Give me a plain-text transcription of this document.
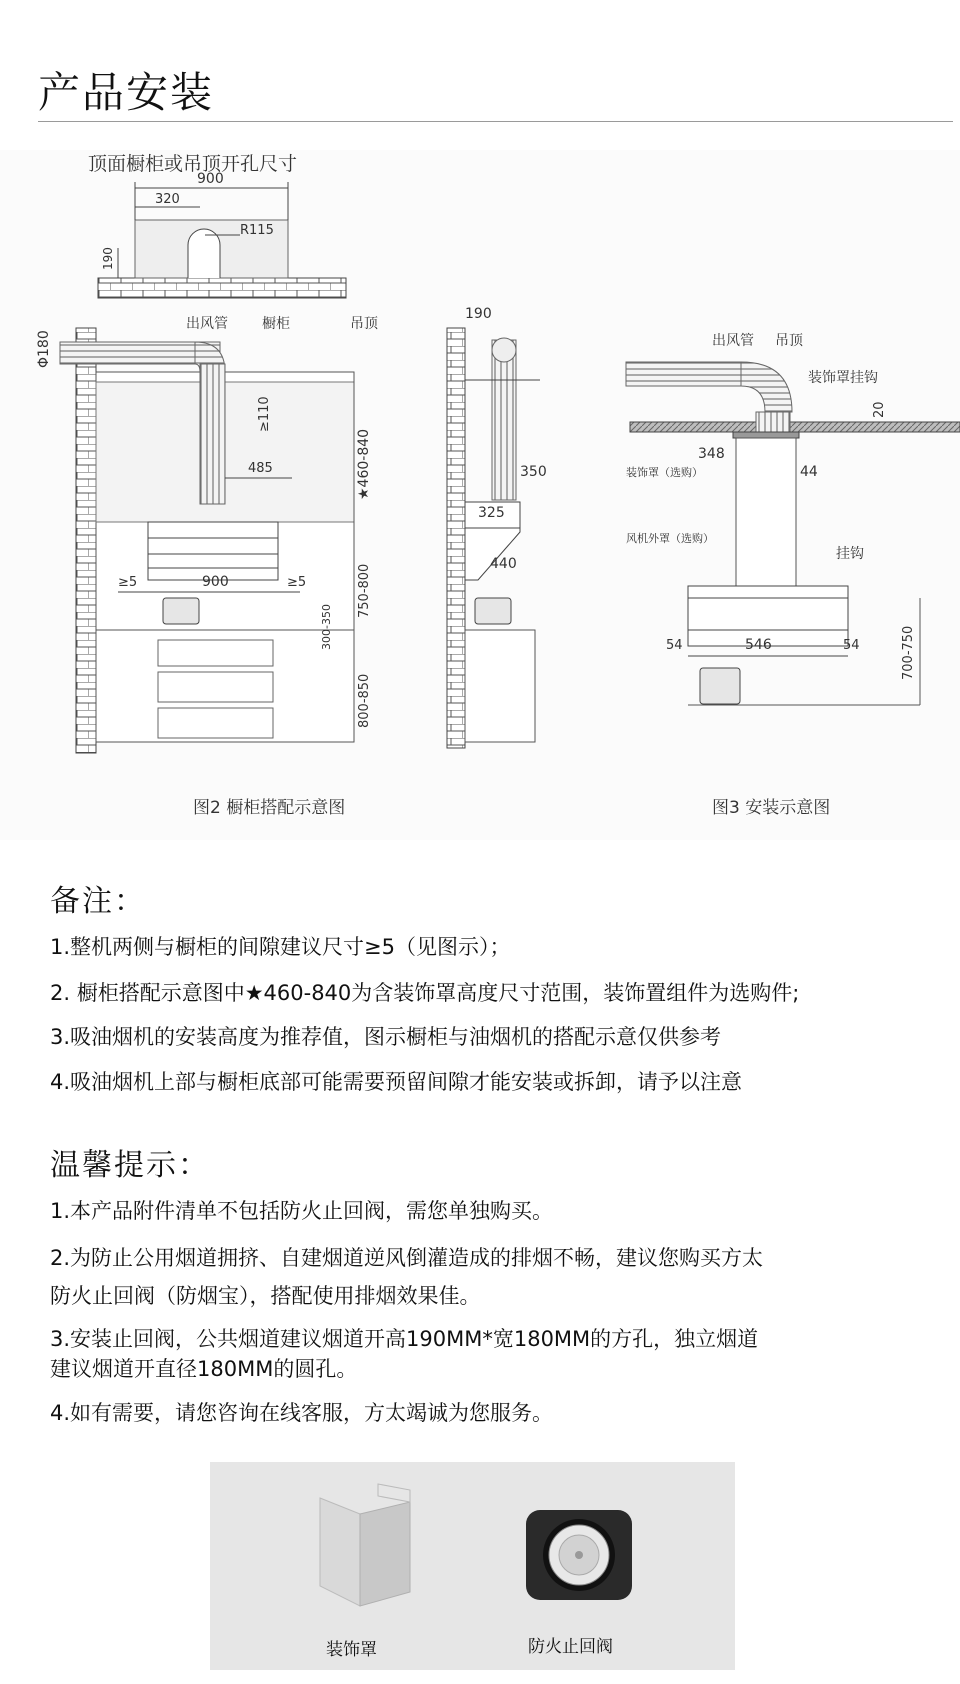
产品安装
顶面橱柜或吊顶开孔尺寸
900
320
R115
190
出风管 橱柜	吊顶
Φ180
≥110
★460-840
485
≥5	900	≥5	750-800
300-350
800-850
图2 橱柜搭配示意图
190
350
325
440
出风管 吊顶
装饰罩挂钩
20
348
装饰罩（选购）	44
风机外罩（选购）
挂钩
54	546	54	700-750
图3 安装示意图
备注：
1.整机两侧与橱柜的间隙建议尺寸≥5（见图示）；
2. 橱柜搭配示意图中★460-840为含装饰罩高度尺寸范围，装饰置组件为选购件;
3.吸油烟机的安装高度为推荐值，图示橱柜与油烟机的搭配示意仅供参考
4.吸油烟机上部与橱柜底部可能需要预留间隙才能安装或拆卸，请予以注意
温馨提示：
1.本产品附件清单不包括防火止回阀，需您单独购买。
2.为防止公用烟道拥挤、自建烟道逆风倒灌造成的排烟不畅，建议您购买方太
防火止回阀（防烟宝），搭配使用排烟效果佳。
3.安装止回阀，公共烟道建议烟道开高190MM*宽180MM的方孔，独立烟道
建议烟道开直径180MM的圆孔。
4.如有需要，请您咨询在线客服，方太竭诚为您服务。
装饰罩	防火止回阀
